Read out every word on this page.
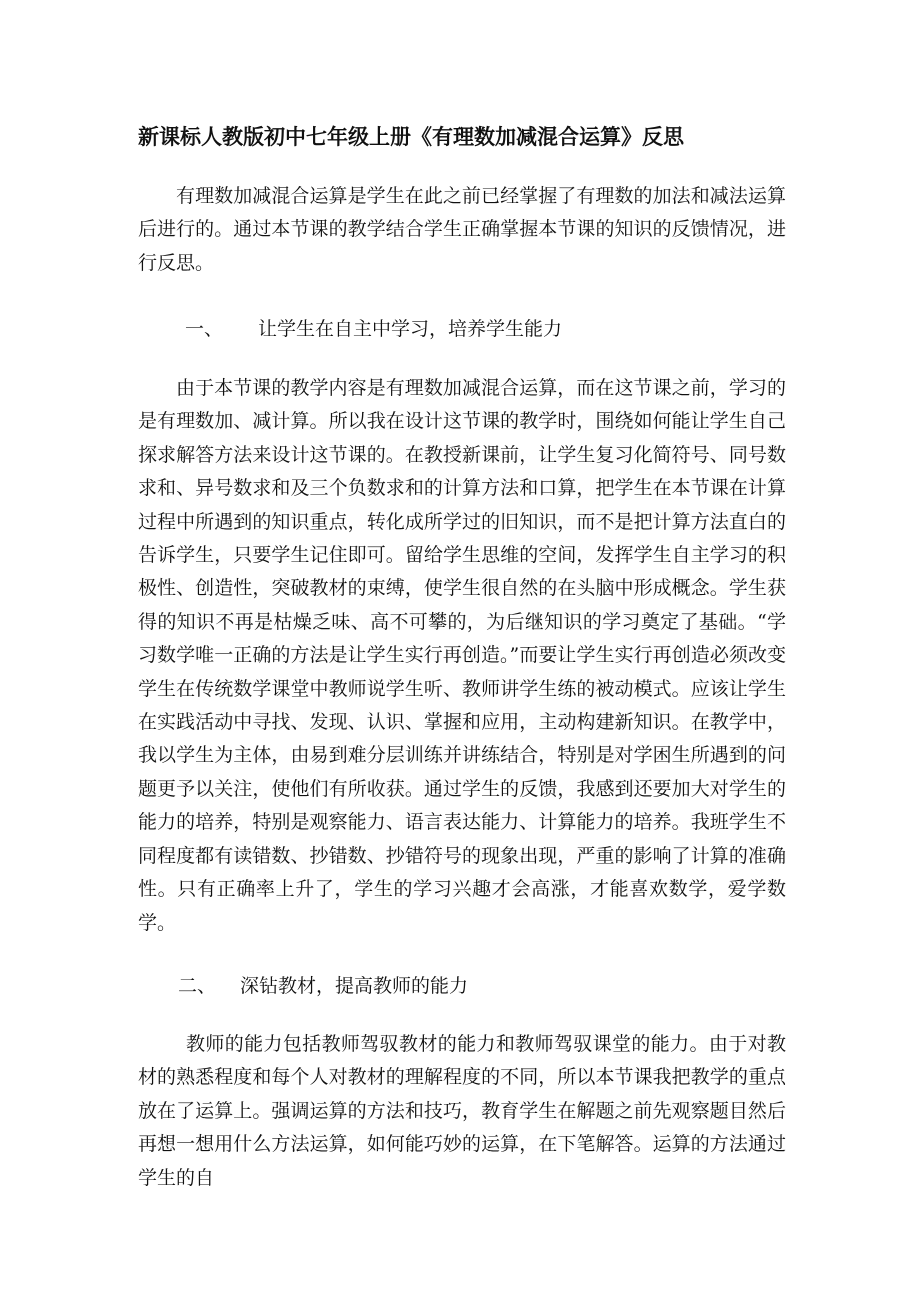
新课标人教版初中七年级上册《有理数加减混合运算》反思

有理数加减混合运算是学生在此之前已经掌握了有理数的加法和减法运算后进行的。通过本节课的教学结合学生正确掌握本节课的知识的反馈情况，进行反思。

一、 让学生在自主中学习，培养学生能力

由于本节课的教学内容是有理数加减混合运算，而在这节课之前，学习的是有理数加、减计算。所以我在设计这节课的教学时，围绕如何能让学生自己探求解答方法来设计这节课的。在教授新课前，让学生复习化简符号、同号数求和、异号数求和及三个负数求和的计算方法和口算，把学生在本节课在计算过程中所遇到的知识重点，转化成所学过的旧知识，而不是把计算方法直白的告诉学生，只要学生记住即可。留给学生思维的空间，发挥学生自主学习的积极性、创造性，突破教材的束缚，使学生很自然的在头脑中形成概念。学生获得的知识不再是枯燥乏味、高不可攀的，为后继知识的学习奠定了基础。“学习数学唯一正确的方法是让学生实行再创造。”而要让学生实行再创造必须改变学生在传统数学课堂中教师说学生听、教师讲学生练的被动模式。应该让学生在实践活动中寻找、发现、认识、掌握和应用，主动构建新知识。在教学中，我以学生为主体，由易到难分层训练并讲练结合，特别是对学困生所遇到的问题更予以关注，使他们有所收获。通过学生的反馈，我感到还要加大对学生的能力的培养，特别是观察能力、语言表达能力、计算能力的培养。我班学生不同程度都有读错数、抄错数、抄错符号的现象出现，严重的影响了计算的准确性。只有正确率上升了，学生的学习兴趣才会高涨，才能喜欢数学，爱学数学。

二、 深钻教材，提高教师的能力

教师的能力包括教师驾驭教材的能力和教师驾驭课堂的能力。由于对教材的熟悉程度和每个人对教材的理解程度的不同，所以本节课我把教学的重点放在了运算上。强调运算的方法和技巧，教育学生在解题之前先观察题目然后再想一想用什么方法运算，如何能巧妙的运算，在下笔解答。运算的方法通过学生的自
